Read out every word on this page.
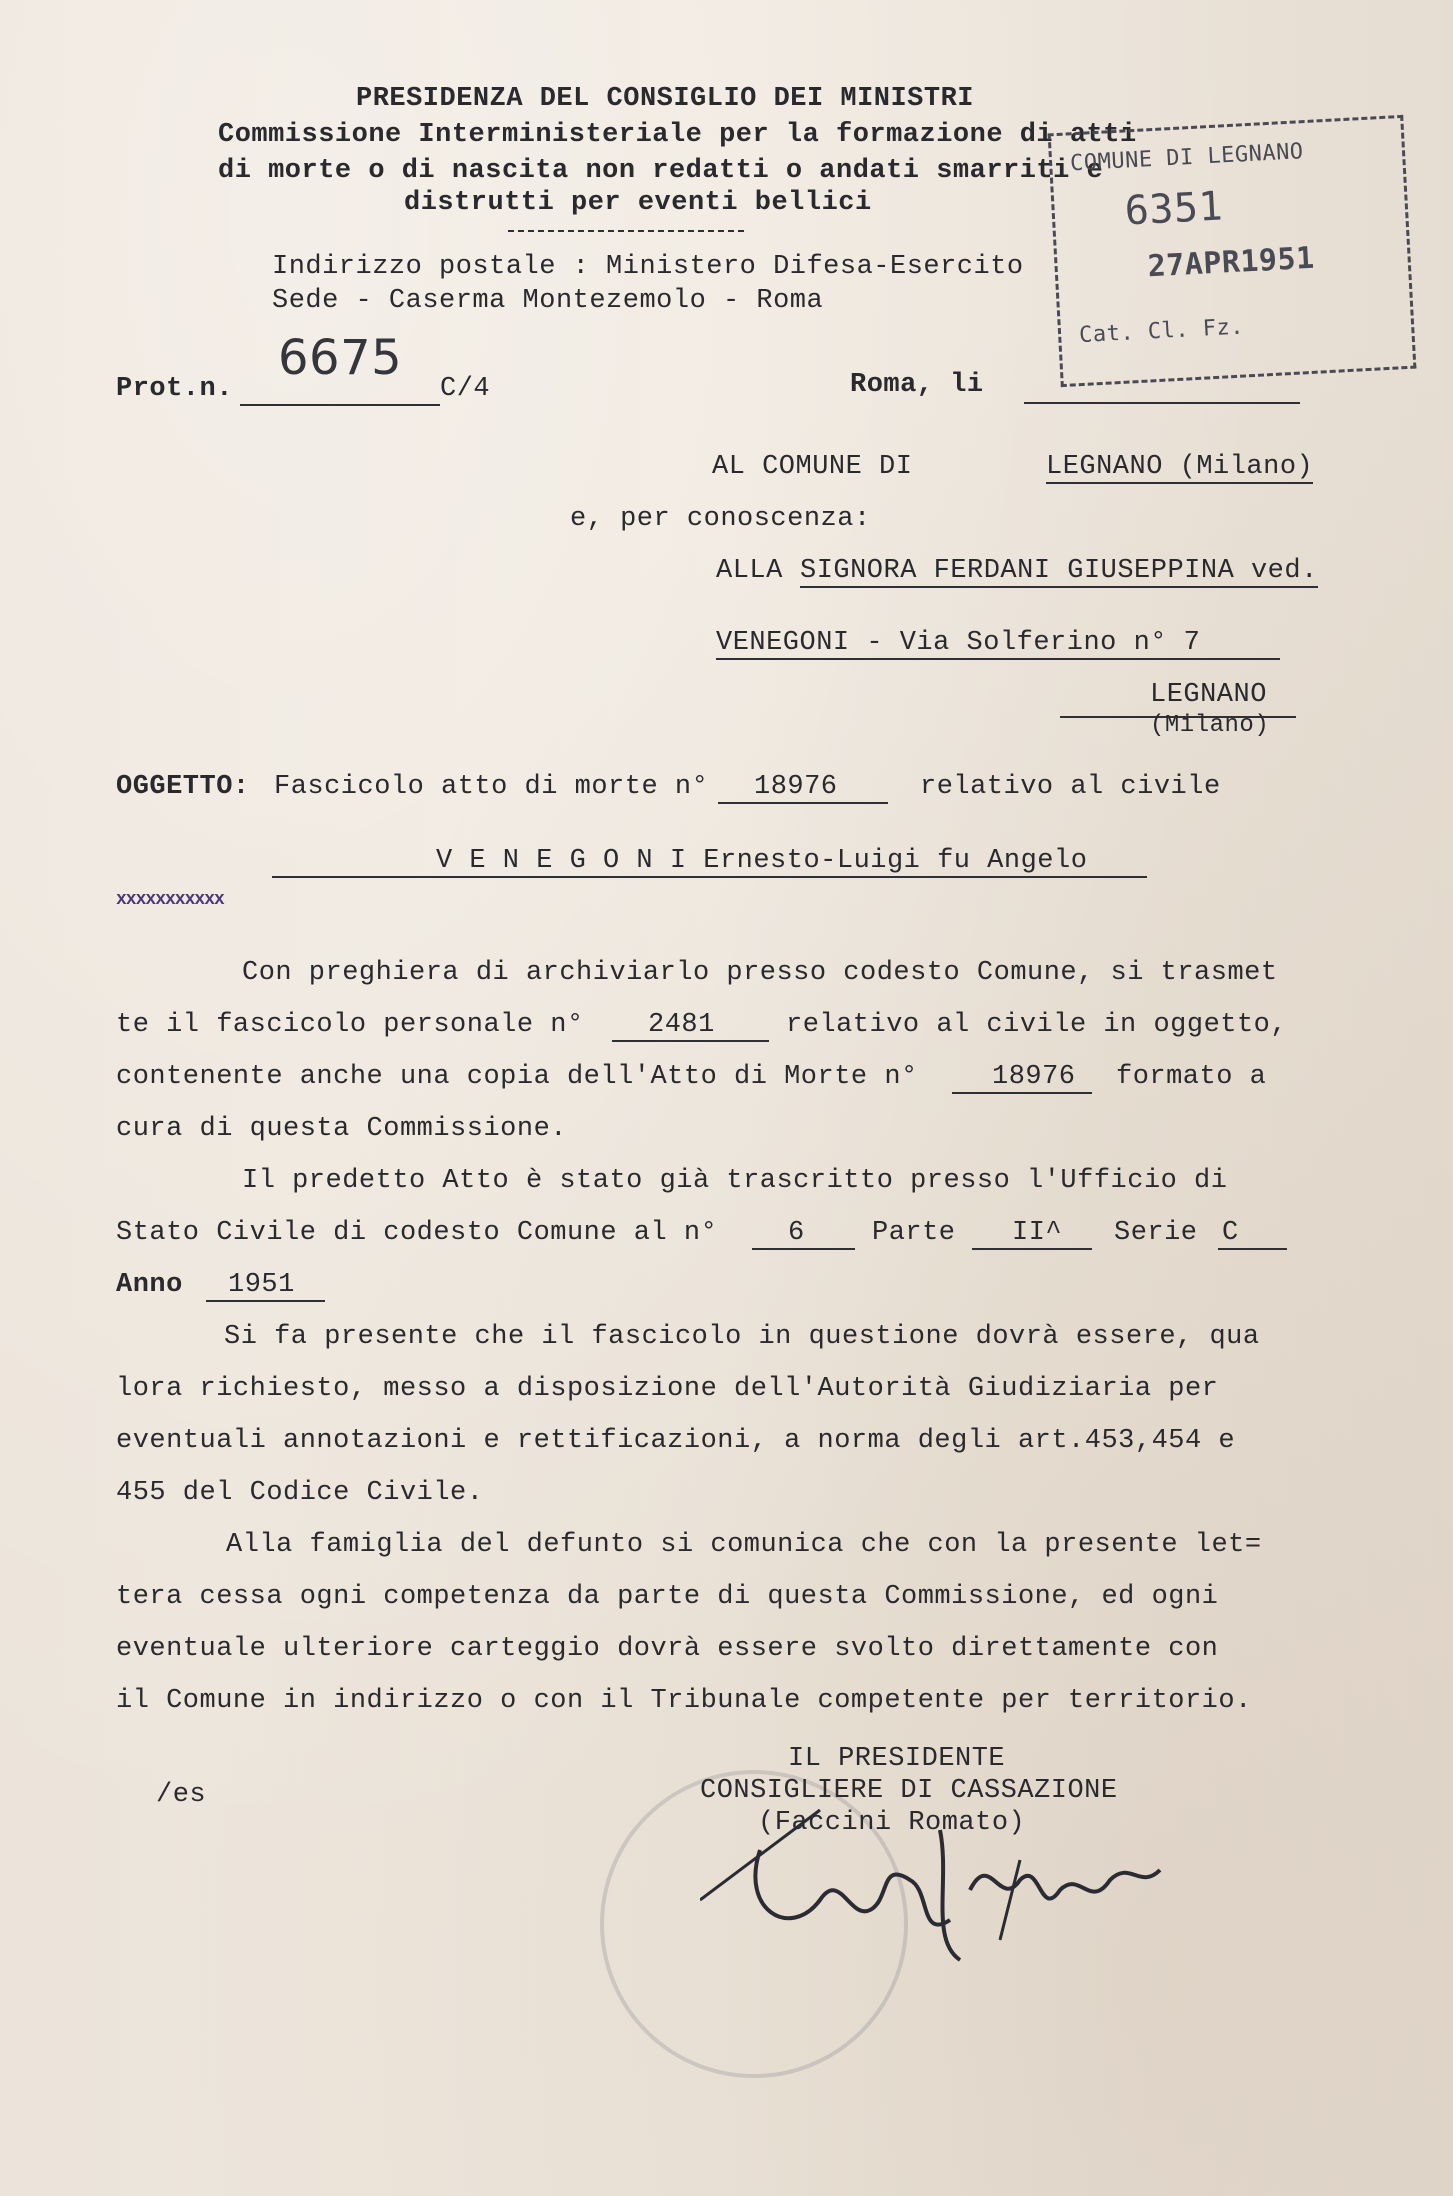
PRESIDENZA DEL CONSIGLIO DEI MINISTRI
Commissione Interministeriale per la formazione di atti
di morte o di nascita non redatti o andati smarriti e
distrutti per eventi bellici
Indirizzo postale : Ministero Difesa-Esercito
Sede - Caserma Montezemolo - Roma
COMUNE DI LEGNANO
6351
27APR1951
Cat. Cl. Fz.
Prot.n.
6675
C/4	Roma, li
AL COMUNE DI	LEGNANO (Milano)
e, per conoscenza:
ALLA SIGNORA FERDANI GIUSEPPINA ved.
VENEGONI - Via Solferino n° 7
LEGNANO
(Milano)
OGGETTO: Fascicolo atto di morte n°	18976	relativo al civile
V E N E G O N I Ernesto-Luigi fu Angelo
xxxxxxxxxxx
Con preghiera di archiviarlo presso codesto Comune, si trasmet
te il fascicolo personale n°	2481	relativo al civile in oggetto,
contenente anche una copia dell'Atto di Morte n°	18976	formato a
cura di questa Commissione.
Il predetto Atto è stato già trascritto presso l'Ufficio di
Stato Civile di codesto Comune al n°	6	Parte	II^	Serie C
Anno	1951
Si fa presente che il fascicolo in questione dovrà essere, qua
lora richiesto, messo a disposizione dell'Autorità Giudiziaria per
eventuali annotazioni e rettificazioni, a norma degli art.453,454 e
455 del Codice Civile.
Alla famiglia del defunto si comunica che con la presente let=
tera cessa ogni competenza da parte di questa Commissione, ed ogni
eventuale ulteriore carteggio dovrà essere svolto direttamente con
il Comune in indirizzo o con il Tribunale competente per territorio.
/es
IL PRESIDENTE
CONSIGLIERE DI CASSAZIONE
(Faccini Romato)
